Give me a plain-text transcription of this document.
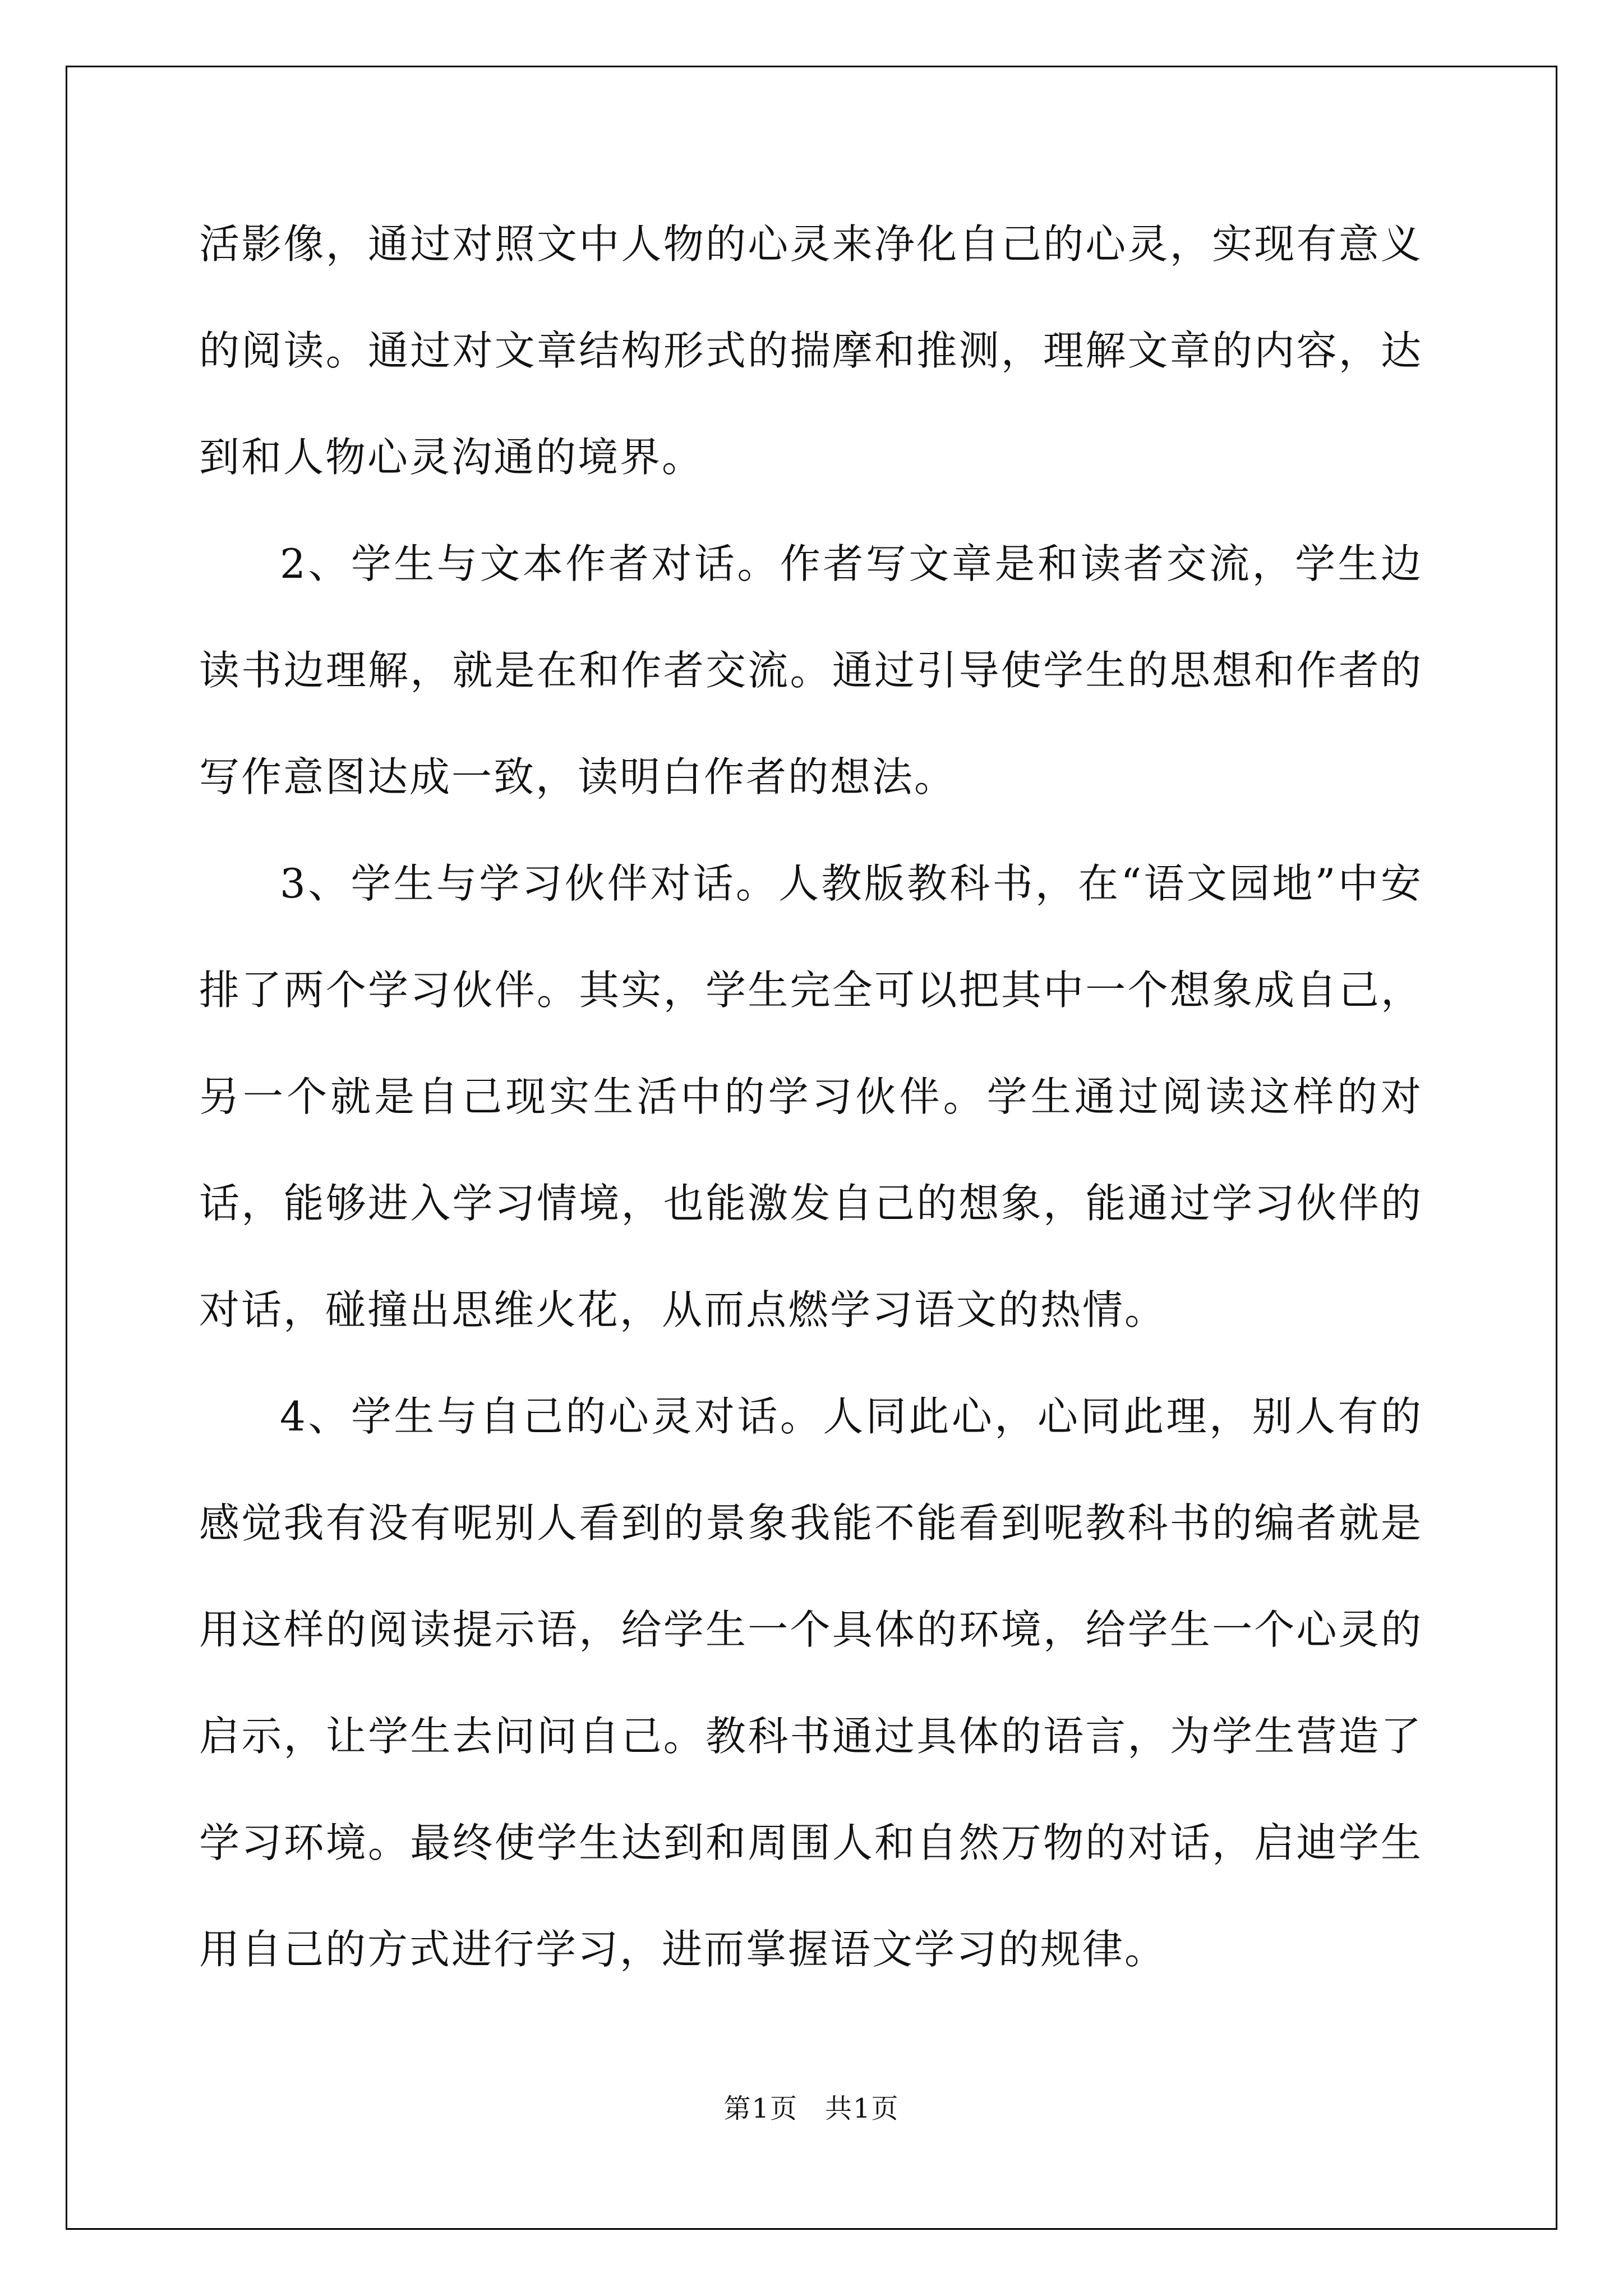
活影像，通过对照文中人物的心灵来净化自己的心灵，实现有意义的阅读。通过对文章结构形式的揣摩和推测，理解文章的内容，达到和人物心灵沟通的境界。

2、学生与文本作者对话。作者写文章是和读者交流，学生边读书边理解，就是在和作者交流。通过引导使学生的思想和作者的写作意图达成一致，读明白作者的想法。

3、学生与学习伙伴对话。人教版教科书，在“语文园地”中安排了两个学习伙伴。其实，学生完全可以把其中一个想象成自己，另一个就是自己现实生活中的学习伙伴。学生通过阅读这样的对话，能够进入学习情境，也能激发自己的想象，能通过学习伙伴的对话，碰撞出思维火花，从而点燃学习语文的热情。

4、学生与自己的心灵对话。人同此心，心同此理，别人有的感觉我有没有呢别人看到的景象我能不能看到呢教科书的编者就是用这样的阅读提示语，给学生一个具体的环境，给学生一个心灵的启示，让学生去问问自己。教科书通过具体的语言，为学生营造了学习环境。最终使学生达到和周围人和自然万物的对话，启迪学生用自己的方式进行学习，进而掌握语文学习的规律。

第1页 共1页
